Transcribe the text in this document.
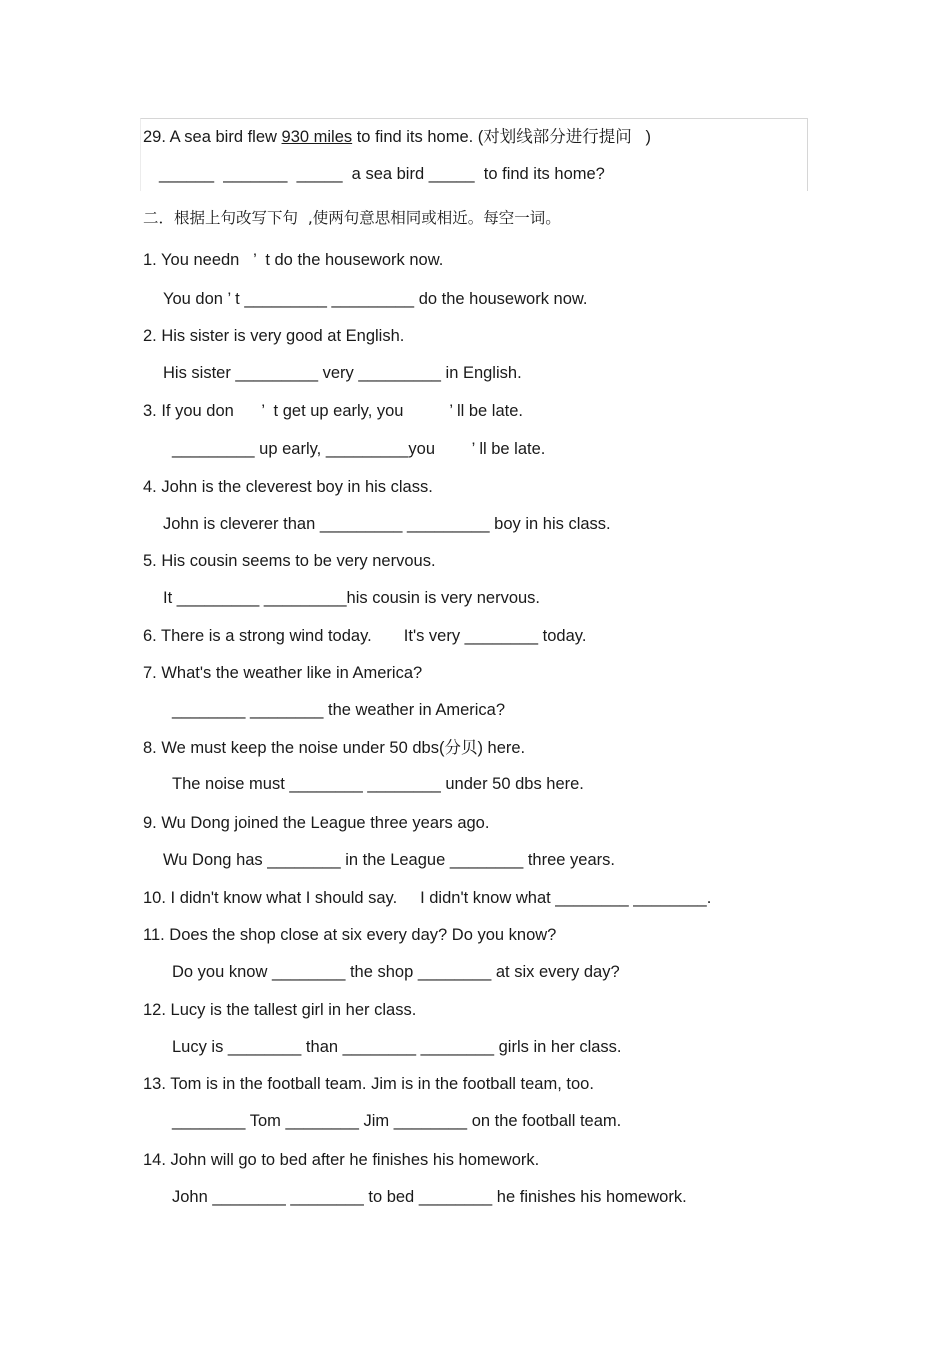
29. A sea bird flew 930 miles to find its home. (对划线部分进行提问   )
______  _______  _____  a sea bird _____  to find its home?
二．根据上句改写下句  ,使两句意思相同或相近。每空一词。
1. You needn   ’  t do the housework now.
You don ’ t _________ _________ do the housework now.
2. His sister is very good at English.
His sister _________ very _________ in English.
3. If you don      ’  t get up early, you          ’ ll be late.
_________ up early, _________you        ’ ll be late.
4. John is the cleverest boy in his class.
John is cleverer than _________ _________ boy in his class.
5. His cousin seems to be very nervous.
It _________ _________his cousin is very nervous.
6. There is a strong wind today.       It's very ________ today.
7. What's the weather like in America?
________ ________ the weather in America?
8. We must keep the noise under 50 dbs(分贝) here.
The noise must ________ ________ under 50 dbs here.
9. Wu Dong joined the League three years ago.
Wu Dong has ________ in the League ________ three years.
10. I didn't know what I should say.     I didn't know what ________ ________.
11. Does the shop close at six every day? Do you know?
Do you know ________ the shop ________ at six every day?
12. Lucy is the tallest girl in her class.
Lucy is ________ than ________ ________ girls in her class.
13. Tom is in the football team. Jim is in the football team, too.
________ Tom ________ Jim ________ on the football team.
14. John will go to bed after he finishes his homework.
John ________ ________ to bed ________ he finishes his homework.
